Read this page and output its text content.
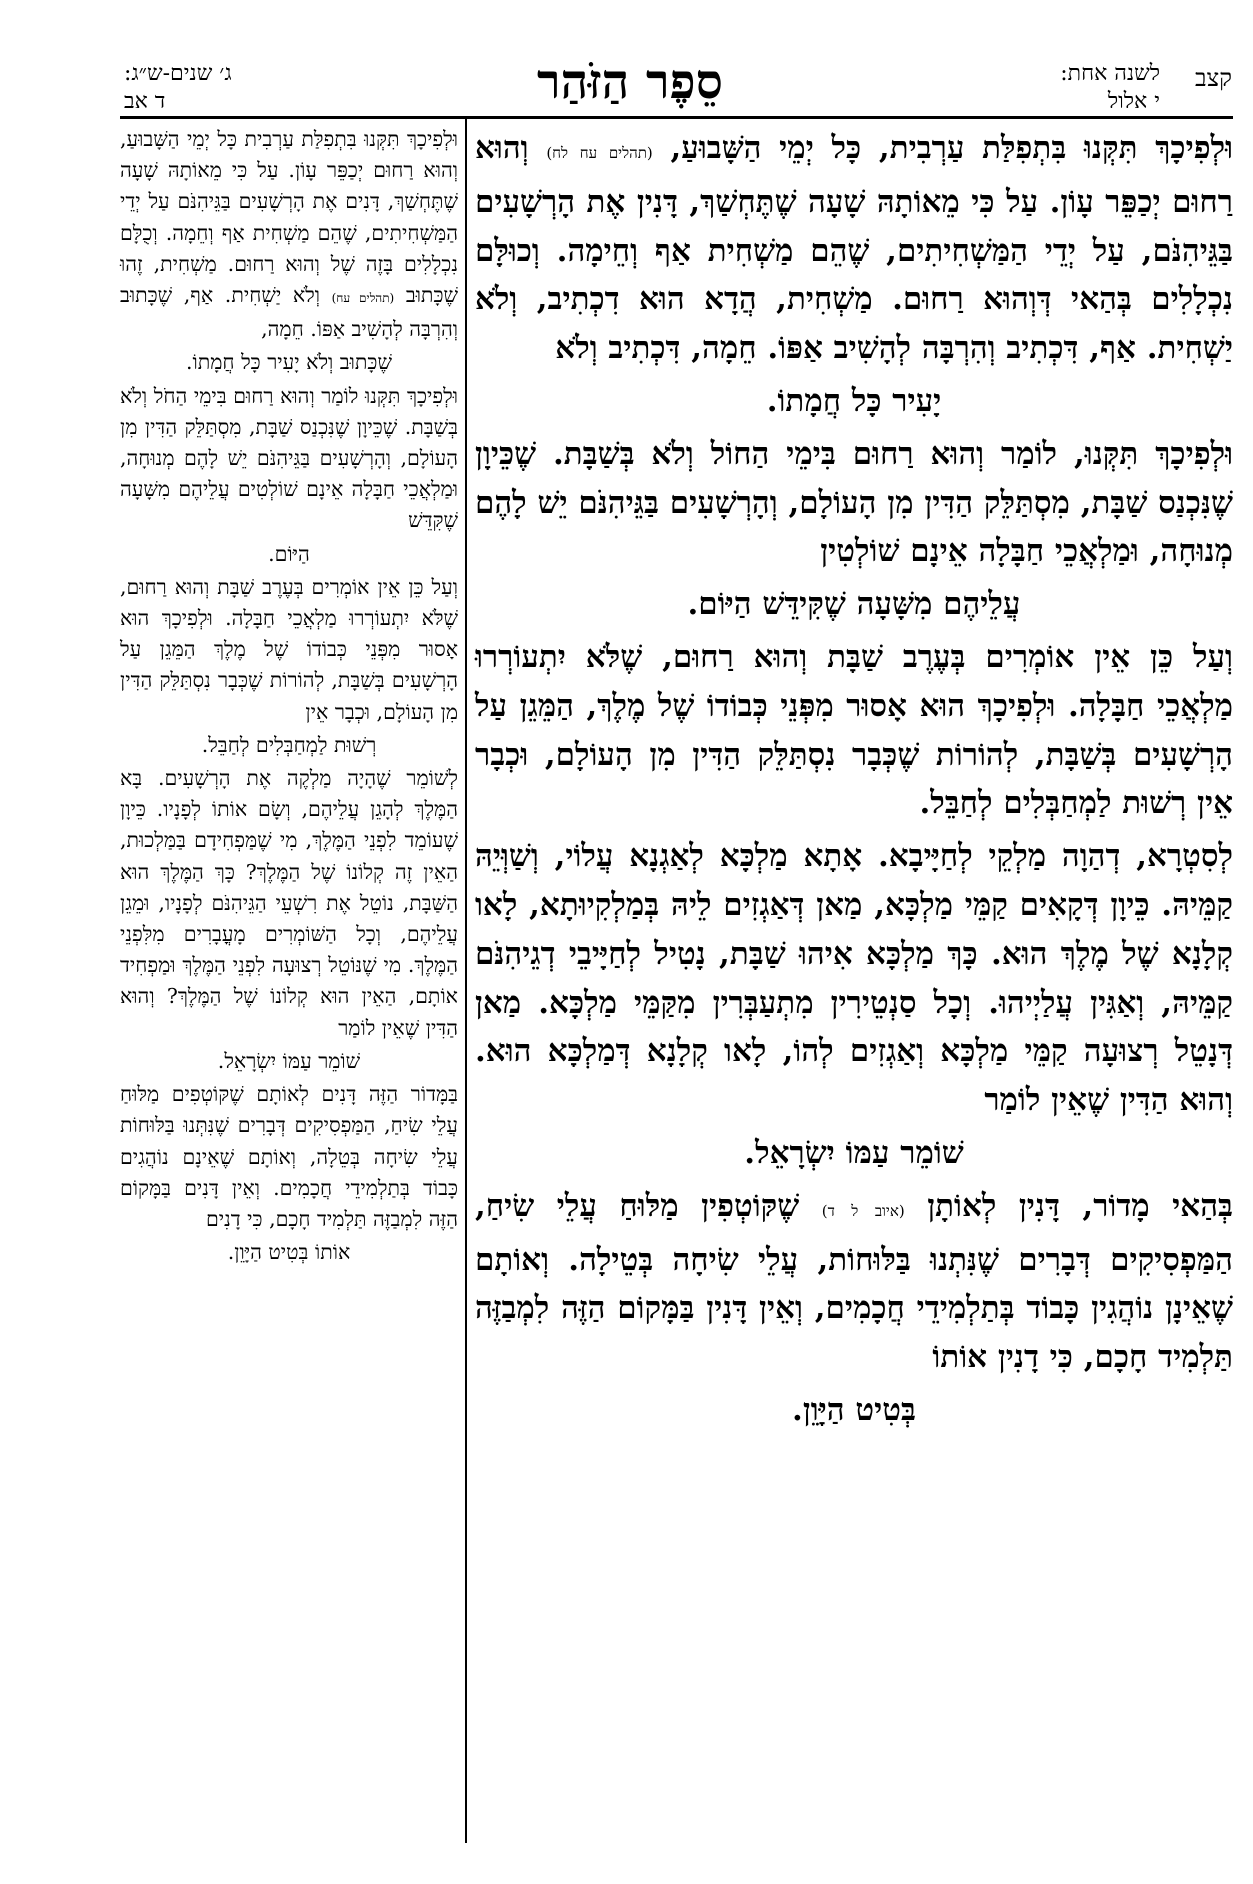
ג׳ שנים-ש״ג:
ד אב	סֵפֶר הַזֹּהַר	לשנה אחת:
י אלול
קצב

וּלְפִיכָךְ תִּקְּנוּ בִּתְפִלַּת עַרְבִית, כָּל יְמֵי הַשָּׁבוּעַ, (תהלים עח לח) וְהוּא רַחוּם יְכַפֵּר עָוֹן. עַל כִּי מֵאוֹתָהּ שָׁעָה שֶׁתֶּחְשַׁךְ, דָּנִין אֶת הָרְשָׁעִים בַּגֵּיהִנֹּם, עַל יְדֵי הַמַּשְׁחִיתִים, שֶׁהֵם מַשְׁחִית אַף וְחֵימָה. וְכוּלָּם נִכְלָלִים בְּהַאי דְּוְהוּא רַחוּם. מַשְׁחִית, הֲדָא הוּא דִכְתִיב, וְלֹא יַשְׁחִית. אַף, דִּכְתִיב וְהִרְבָּה לְהָשִׁיב אַפּוֹ. חֵמָה, דִּכְתִיב וְלֹא

יָעִיר כָּל חֲמָתוֹ.

וּלְפִיכָךְ תִּקְּנוּ, לוֹמַר וְהוּא רַחוּם בִּימֵי הַחוֹל וְלֹא בְּשַׁבָּת. שֶׁכֵּיוָן שֶׁנִּכְנַס שַׁבָּת, מִסְתַּלֵּק הַדִּין מִן הָעוֹלָם, וְהָרְשָׁעִים בַּגֵּיהִנֹּם יֵשׁ לָהֶם מְנוּחָה, וּמַלְאֲכֵי חַבָּלָה אֵינָם שׁוֹלְטִין

עֲלֵיהֶם מִשָּׁעָה שֶׁקִּידֵּשׁ הַיּוֹם.

וְעַל כֵּן אֵין אוֹמְרִים בְּעֶרֶב שַׁבָּת וְהוּא רַחוּם, שֶׁלֹּא יִתְעוֹרְרוּ מַלְאֲכֵי חַבָּלָה. וּלְפִיכָךְ הוּא אָסוּר מִפְּנֵי כְּבוֹדוֹ שֶׁל מֶלֶךְ, הַמֵּגֵן עַל הָרְשָׁעִים בְּשַׁבָּת, לְהוֹרוֹת שֶׁכְּבָר נִסְתַּלֵּק הַדִּין מִן הָעוֹלָם, וּכְבָר אֵין רְשׁוּת לַמְחַבְּלִים לְחַבֵּל.

לְסִטְרָא, דְהַוָה מַלְקֵי לְחַיָּיבָא. אָתָא מַלְכָּא לְאַגְנָא עֲלוֹי, וְשַׁוְּיֵהּ קַמֵּיהּ. כֵּיוָן דְּקָאִים קַמֵּי מַלְכָּא, מַאן דְּאַגְזִים לֵיהּ בְּמַלְקִיוּתָא, לָאו קְלָנָא שֶׁל מֶלֶךְ הוּא. כָּךְ מַלְכָּא אִיהוּ שַׁבָּת, נָטִיל לְחַיָּיבֵי דְגֵיהִנֹּם קַמֵּיהּ, וְאַגִּין עֲלַיְיהוּ. וְכָל סַנְטֵירִין מִתְעַבְּרִין מִקַּמֵּי מַלְכָּא. מַאן דְּנָטֵל רְצוּעָה קַמֵּי מַלְכָּא וְאַגְזִים לְהוֹ, לָאו קְלָנָא דְּמַלְכָּא הוּא. וְהוּא הַדִּין שֶׁאֵין לוֹמַר

שׁוֹמֵר עַמּוֹ יִשְׂרָאֵל.

בְּהַאי מָדוֹר, דָּנִין לְאוֹתָן (איוב ל ד) שֶׁקּוֹטְפִין מַלּוּחַ עֲלֵי שִׂיחַ, הַמַּפְסִיקִים דְּבָרִים שֶׁנִּתְנוּ בַּלּוּחוֹת, עֲלֵי שִׂיחָה בְּטֵילָה. וְאוֹתָם שֶׁאֵינָן נוֹהֲגִין כָּבוֹד בְּתַלְמִידֵי חֲכָמִים, וְאֵין דָּנִין בַּמָּקוֹם הַזֶּה לִמְבַזֶּה תַּלְמִיד חָכָם, כִּי דָנִין אוֹתוֹ

בְּטִיט הַיָּוֵן.

וּלְפִיכָךְ תִּקְּנוּ בִּתְפִלַּת עַרְבִית כָּל יְמֵי הַשָּׁבוּעַ, וְהוּא רַחוּם יְכַפֵּר עָוֹן. עַל כִּי מֵאוֹתָהּ שָׁעָה שֶׁתֶּחְשַׁךְ, דָּנִים אֶת הָרְשָׁעִים בַּגֵּיהִנֹּם עַל יְדֵי הַמַּשְׁחִיתִים, שֶׁהֵם מַשְׁחִית אַף וְחֵמָה. וְכֻלָּם נִכְלָלִים בָּזֶה שֶׁל וְהוּא רַחוּם. מַשְׁחִית, זֶהוּ שֶׁכָּתוּב (תהלים עח) וְלֹא יַשְׁחִית. אַף, שֶׁכָּתוּב וְהִרְבָּה לְהָשִׁיב אַפּוֹ. חֵמָה,

שֶׁכָּתוּב וְלֹא יָעִיר כָּל חֲמָתוֹ.

וּלְפִיכָךְ תִּקְּנוּ לוֹמַר וְהוּא רַחוּם בִּימֵי הַחֹל וְלֹא בְּשַׁבָּת. שֶׁכֵּיוָן שֶׁנִּכְנַס שַׁבָּת, מִסְתַּלֵּק הַדִּין מִן הָעוֹלָם, וְהָרְשָׁעִים בַּגֵּיהִנֹּם יֵשׁ לָהֶם מְנוּחָה, וּמַלְאֲכֵי חַבָּלָה אֵינָם שׁוֹלְטִים עֲלֵיהֶם מִשָּׁעָה שֶׁקִּדֵּשׁ

הַיּוֹם.

וְעַל כֵּן אֵין אוֹמְרִים בְּעֶרֶב שַׁבָּת וְהוּא רַחוּם, שֶׁלֹּא יִתְעוֹרְרוּ מַלְאֲכֵי חַבָּלָה. וּלְפִיכָךְ הוּא אָסוּר מִפְּנֵי כְּבוֹדוֹ שֶׁל מֶלֶךְ הַמֵּגֵן עַל הָרְשָׁעִים בְּשַׁבָּת, לְהוֹרוֹת שֶׁכְּבָר נִסְתַּלֵּק הַדִּין מִן הָעוֹלָם, וּכְבָר אֵין

רְשׁוּת לַמְחַבְּלִים לְחַבֵּל.

לְשׁוֹמֵר שֶׁהָיָה מַלְקֶה אֶת הָרְשָׁעִים. בָּא הַמֶּלֶךְ לְהָגֵן עֲלֵיהֶם, וְשָׂם אוֹתוֹ לְפָנָיו. כֵּיוָן שֶׁעוֹמֵד לִפְנֵי הַמֶּלֶךְ, מִי שֶׁמַּפְחִידָם בַּמַּלְכוּת, הַאֵין זֶה קְלוֹנוֹ שֶׁל הַמֶּלֶךְ? כָּךְ הַמֶּלֶךְ הוּא הַשַּׁבָּת, נוֹטֵל אֶת רִשְׁעֵי הַגֵּיהִנֹּם לְפָנָיו, וּמֵגֵן עֲלֵיהֶם, וְכָל הַשּׁוֹמְרִים מָעֳבָרִים מִלִּפְנֵי הַמֶּלֶךְ. מִי שֶׁנּוֹטֵל רְצוּעָה לִפְנֵי הַמֶּלֶךְ וּמַפְחִיד אוֹתָם, הַאֵין הוּא קְלוֹנוֹ שֶׁל הַמֶּלֶךְ? וְהוּא הַדִּין שֶׁאֵין לוֹמַר

שׁוֹמֵר עַמּוֹ יִשְׂרָאֵל.

בַּמָּדוֹר הַזֶּה דָּנִים לְאוֹתָם שֶׁקּוֹטְפִים מַלּוּחַ עֲלֵי שִׂיחַ, הַמַּפְסִיקִים דְּבָרִים שֶׁנִּתְּנוּ בַּלּוּחוֹת עֲלֵי שִׂיחָה בְּטֵלָה, וְאוֹתָם שֶׁאֵינָם נוֹהֲגִים כָּבוֹד בְּתַלְמִידֵי חֲכָמִים. וְאֵין דָּנִים בַּמָּקוֹם הַזֶּה לִמְבַזֶּה תַּלְמִיד חָכָם, כִּי דָנִים

אוֹתוֹ בְּטִיט הַיָּוֵן.
